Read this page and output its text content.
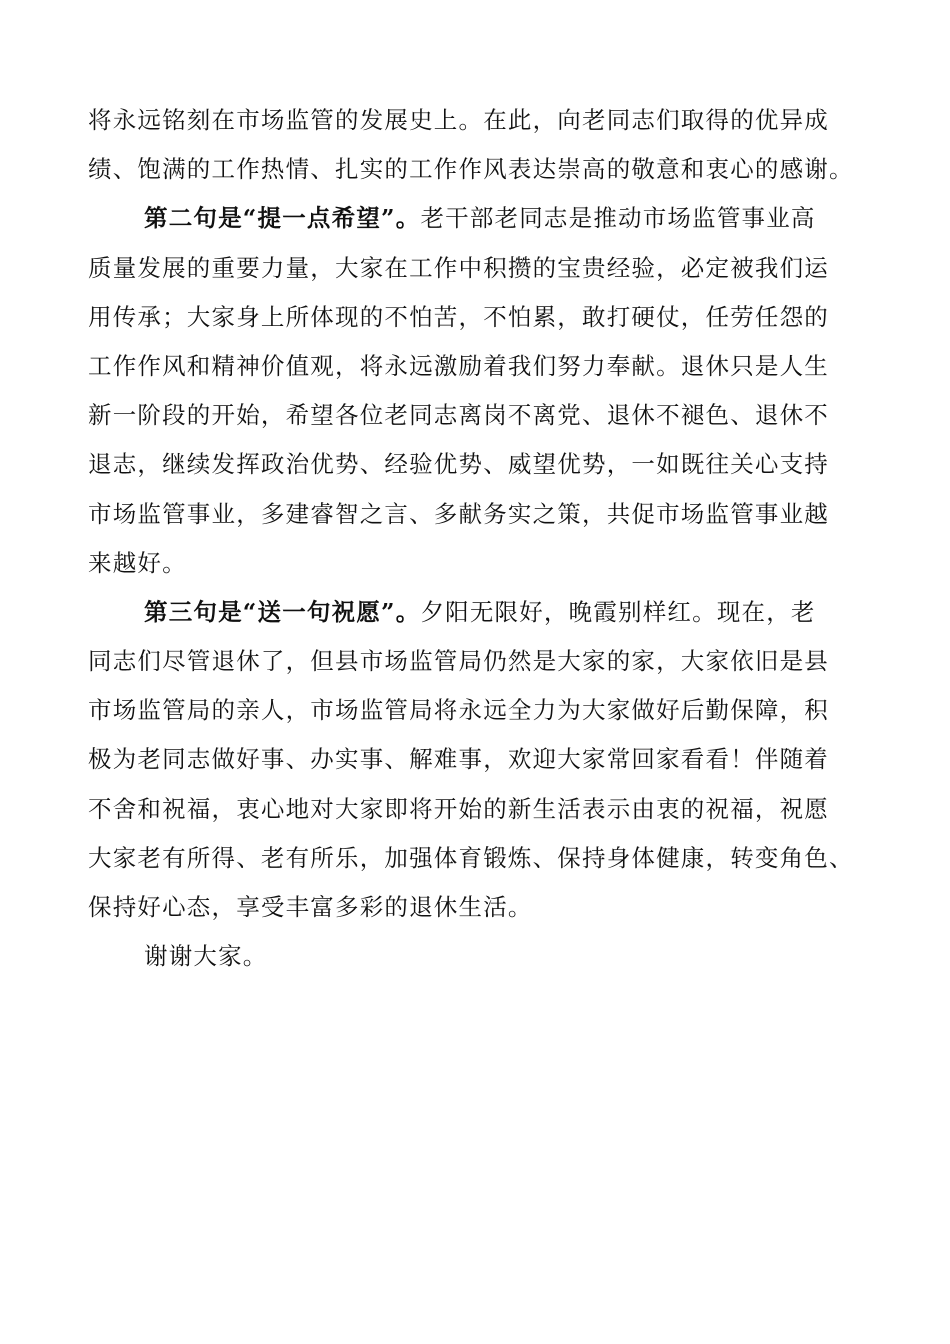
将永远铭刻在市场监管的发展史上。在此，向老同志们取得的优异成
绩、饱满的工作热情、扎实的工作作风表达崇高的敬意和衷心的感谢。
第二句是“提一点希望”。老干部老同志是推动市场监管事业高
质量发展的重要力量，大家在工作中积攒的宝贵经验，必定被我们运
用传承；大家身上所体现的不怕苦，不怕累，敢打硬仗，任劳任怨的
工作作风和精神价值观，将永远激励着我们努力奉献。退休只是人生
新一阶段的开始，希望各位老同志离岗不离党、退休不褪色、退休不
退志，继续发挥政治优势、经验优势、威望优势，一如既往关心支持
市场监管事业，多建睿智之言、多献务实之策，共促市场监管事业越
来越好。
第三句是“送一句祝愿”。夕阳无限好，晚霞别样红。现在，老
同志们尽管退休了，但县市场监管局仍然是大家的家，大家依旧是县
市场监管局的亲人，市场监管局将永远全力为大家做好后勤保障，积
极为老同志做好事、办实事、解难事，欢迎大家常回家看看！伴随着
不舍和祝福，衷心地对大家即将开始的新生活表示由衷的祝福，祝愿
大家老有所得、老有所乐，加强体育锻炼、保持身体健康，转变角色、
保持好心态，享受丰富多彩的退休生活。
谢谢大家。
